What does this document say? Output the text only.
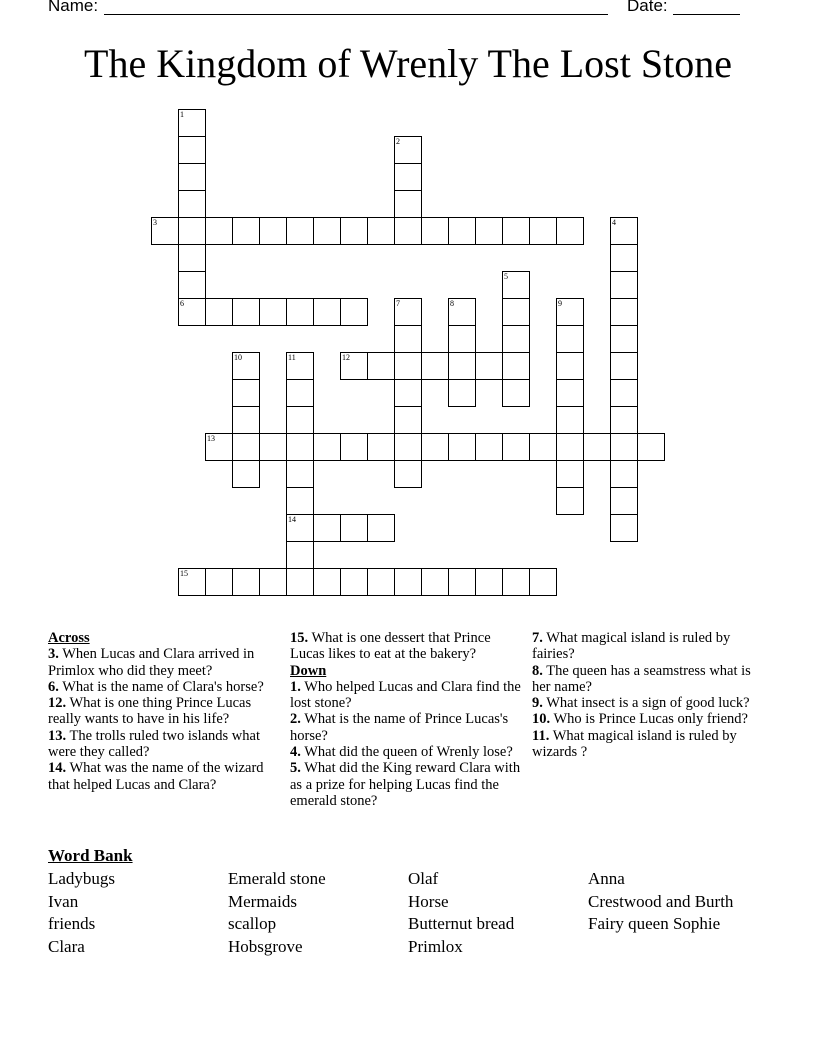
Name:	Date:
The Kingdom of Wrenly The Lost Stone
3
6
12
13
14
15
1
2
4
5
7	8	9
10	11
Across
3. When Lucas and Clara arrived in Primlox who did they meet?
6. What is the name of Clara's horse?
12. What is one thing Prince Lucas really wants to have in his life?
13. The trolls ruled two islands what were they called?
14. What was the name of the wizard that helped Lucas and Clara?
15. What is one dessert that Prince Lucas likes to eat at the bakery?
Down
1. Who helped Lucas and Clara find the lost stone?
2. What is the name of Prince Lucas's horse?
4. What did the queen of Wrenly lose?
5. What did the King reward Clara with as a prize for helping Lucas find the emerald stone?
7. What magical island is ruled by fairies?
8. The queen has a seamstress what is her name?
9. What insect is a sign of good luck?
10. Who is Prince Lucas only friend?
11. What magical island is ruled by wizards ?
Word Bank
Ladybugs
Ivan
friends
Clara
Emerald stone
Mermaids
scallop
Hobsgrove
Olaf
Horse
Butternut bread
Primlox
Anna
Crestwood and Burth
Fairy queen Sophie
